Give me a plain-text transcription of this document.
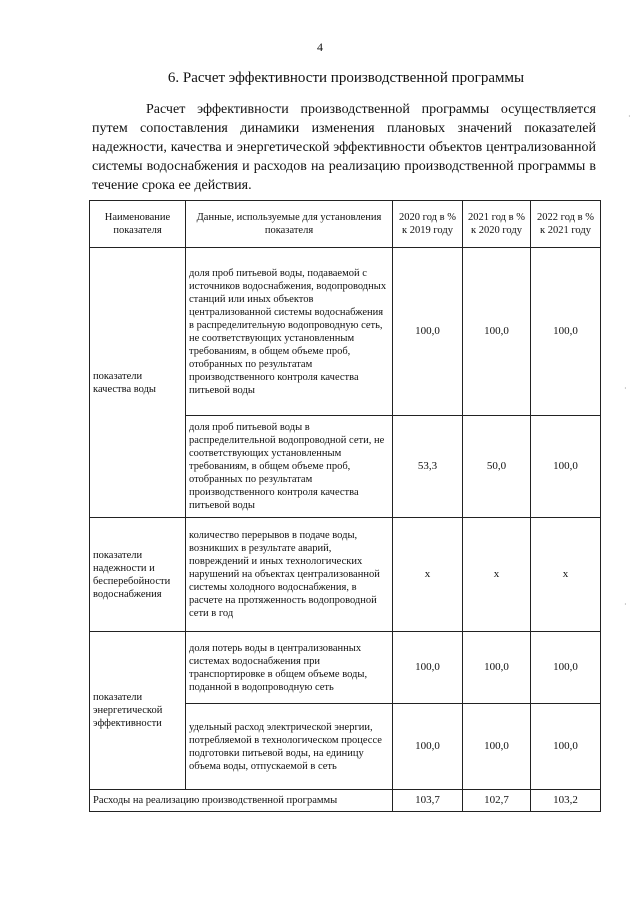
4
6. Расчет эффективности производственной программы

Расчет эффективности производственной программы осуществляется путем сопоставления динамики изменения плановых значений показателей надежности, качества и энергетической эффективности объектов централизованной системы водоснабжения и расходов на реализацию производственной программы в течение срока ее действия.

Наименование показателя	Данные, используемые для установления показателя	2020 год в % к 2019 году	2021 год в % к 2020 году	2022 год в % к 2021 году
показатели качества воды	доля проб питьевой воды, подаваемой с источников водоснабжения, водопроводных станций или иных объектов централизованной системы водоснабжения в распределительную водопроводную сеть, не соответствующих установленным требованиям, в общем объеме проб, отобранных по результатам производственного контроля качества питьевой воды	100,0	100,0	100,0
	доля проб питьевой воды в распределительной водопроводной сети, не соответствующих установленным требованиям, в общем объеме проб, отобранных по результатам производственного контроля качества питьевой воды	53,3	50,0	100,0
показатели надежности и бесперебойности водоснабжения	количество перерывов в подаче воды, возникших в результате аварий, повреждений и иных технологических нарушений на объектах централизованной системы холодного водоснабжения, в расчете на протяженность водопроводной сети в год	x	x	x
показатели энергетической эффективности	доля потерь воды в централизованных системах водоснабжения при транспортировке в общем объеме воды, поданной в водопроводную сеть	100,0	100,0	100,0
	удельный расход электрической энергии, потребляемой в технологическом процессе подготовки питьевой воды, на единицу объема воды, отпускаемой в сеть	100,0	100,0	100,0
Расходы на реализацию производственной программы		103,7	102,7	103,2
·
·
·
